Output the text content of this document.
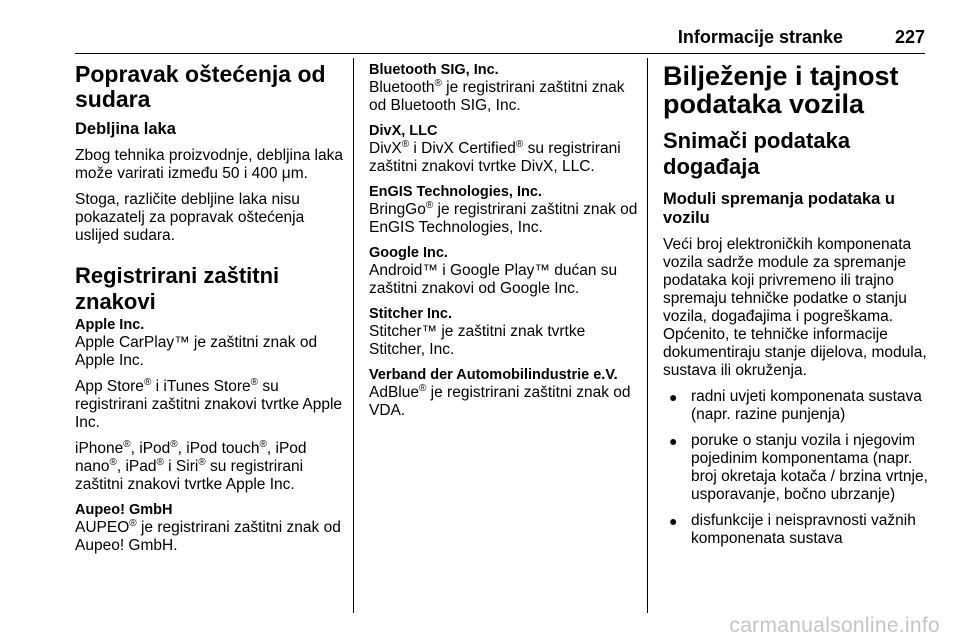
Informacije stranke	227
Popravak oštećenja od sudara
Debljina laka

Zbog tehnika proizvodnje, debljina laka može varirati između 50 i 400 μm.

Stoga, različite debljine laka nisu pokazatelj za popravak oštećenja uslijed sudara.

Registrirani zaštitni znakovi

Apple Inc.

Apple CarPlay™ je zaštitni znak od Apple Inc.

App Store® i iTunes Store® su registrirani zaštitni znakovi tvrtke Apple Inc.

iPhone®, iPod®, iPod touch®, iPod nano®, iPad® i Siri® su registrirani zaštitni znakovi tvrtke Apple Inc.

Aupeo! GmbH

AUPEO® je registrirani zaštitni znak od Aupeo! GmbH.

Bluetooth SIG, Inc.

Bluetooth® je registrirani zaštitni znak od Bluetooth SIG, Inc.

DivX, LLC

DivX® i DivX Certified® su registrirani zaštitni znakovi tvrtke DivX, LLC.

EnGIS Technologies, Inc.

BringGo® je registrirani zaštitni znak od EnGIS Technologies, Inc.

Google Inc.

Android™ i Google Play™ dućan su zaštitni znakovi od Google Inc.

Stitcher Inc.

Stitcher™ je zaštitni znak tvrtke Stitcher, Inc.

Verband der Automobilindustrie e.V.

AdBlue® je registrirani zaštitni znak od VDA.

Bilježenje i tajnost podataka vozila
Snimači podataka događaja
Moduli spremanja podataka u vozilu

Veći broj elektroničkih komponenata vozila sadrže module za spremanje podataka koji privremeno ili trajno spremaju tehničke podatke o stanju vozila, događajima i pogreškama. Općenito, te tehničke informacije dokumentiraju stanje dijelova, modula, sustava ili okruženja.

● radni uvjeti komponenata sustava (napr. razine punjenja)
● poruke o stanju vozila i njegovim pojedinim komponentama (napr. broj okretaja kotača / brzina vrtnje, usporavanje, bočno ubrzanje)
● disfunkcije i neispravnosti važnih komponenata sustava
carmanualsonline.info
